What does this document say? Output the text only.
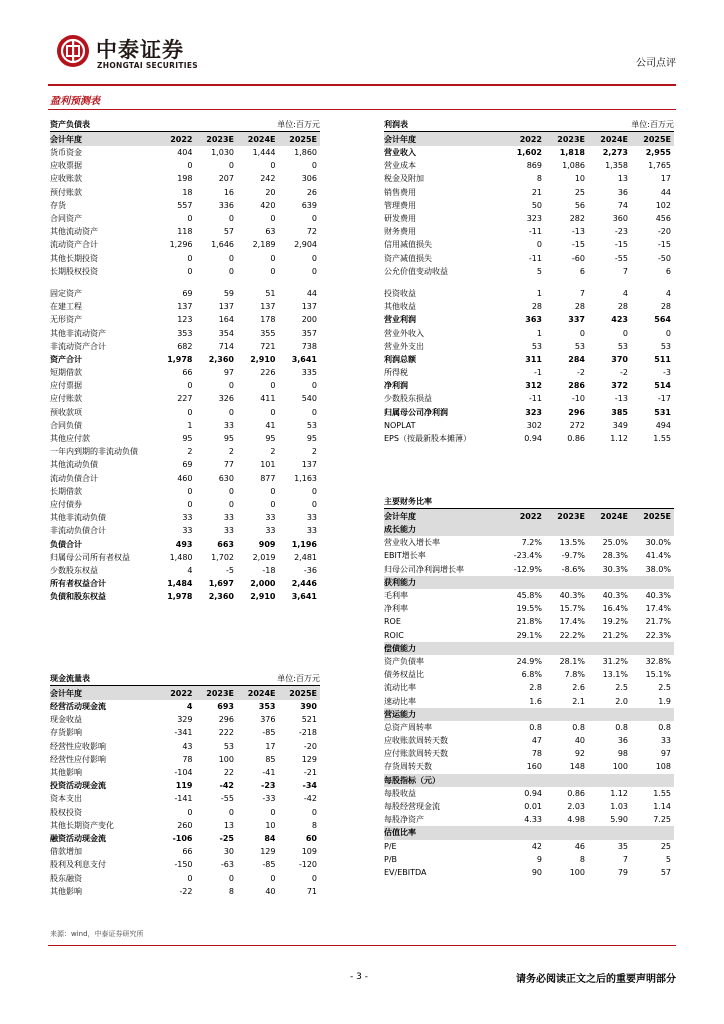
中泰证券
ZHONGTAI SECURITIES	公司点评
盈利预测表
资产负债表	单位:百万元
会计年度	2022	2023E	2024E	2025E
货币资金	404	1,030	1,444	1,860
应收票据	0	0	0	0
应收账款	198	207	242	306
预付账款	18	16	20	26
存货	557	336	420	639
合同资产	0	0	0	0
其他流动资产	118	57	63	72
流动资产合计	1,296	1,646	2,189	2,904
其他长期投资	0	0	0	0
长期股权投资	0	0	0	0

固定资产	69	59	51	44
在建工程	137	137	137	137
无形资产	123	164	178	200
其他非流动资产	353	354	355	357
非流动资产合计	682	714	721	738
资产合计	1,978	2,360	2,910	3,641
短期借款	66	97	226	335
应付票据	0	0	0	0
应付账款	227	326	411	540
预收款项	0	0	0	0
合同负债	1	33	41	53
其他应付款	95	95	95	95
一年内到期的非流动负债	2	2	2	2
其他流动负债	69	77	101	137
流动负债合计	460	630	877	1,163
长期借款	0	0	0	0
应付债券	0	0	0	0
其他非流动负债	33	33	33	33
非流动负债合计	33	33	33	33
负债合计	493	663	909	1,196
归属母公司所有者权益	1,480	1,702	2,019	2,481
少数股东权益	4	-5	-18	-36
所有者权益合计	1,484	1,697	2,000	2,446
负债和股东权益	1,978	2,360	2,910	3,641
利润表	单位:百万元
会计年度	2022	2023E	2024E	2025E
营业收入	1,602	1,818	2,273	2,955
营业成本	869	1,086	1,358	1,765
税金及附加	8	10	13	17
销售费用	21	25	36	44
管理费用	50	56	74	102
研发费用	323	282	360	456
财务费用	-11	-13	-23	-20
信用减值损失	0	-15	-15	-15
资产减值损失	-11	-60	-55	-50
公允价值变动收益	5	6	7	6

投资收益	1	7	4	4
其他收益	28	28	28	28
营业利润	363	337	423	564
营业外收入	1	0	0	0
营业外支出	53	53	53	53
利润总额	311	284	370	511
所得税	-1	-2	-2	-3
净利润	312	286	372	514
少数股东损益	-11	-10	-13	-17
归属母公司净利润	323	296	385	531
NOPLAT	302	272	349	494
EPS（按最新股本摊薄）	0.94	0.86	1.12	1.55
主要财务比率
会计年度	2022	2023E	2024E	2025E
成长能力				
营业收入增长率	7.2%	13.5%	25.0%	30.0%
EBIT增长率	-23.4%	-9.7%	28.3%	41.4%
归母公司净利润增长率	-12.9%	-8.6%	30.3%	38.0%
获利能力				
毛利率	45.8%	40.3%	40.3%	40.3%
净利率	19.5%	15.7%	16.4%	17.4%
ROE	21.8%	17.4%	19.2%	21.7%
ROIC	29.1%	22.2%	21.2%	22.3%
偿债能力				
资产负债率	24.9%	28.1%	31.2%	32.8%
债务权益比	6.8%	7.8%	13.1%	15.1%
流动比率	2.8	2.6	2.5	2.5
速动比率	1.6	2.1	2.0	1.9
营运能力				
总资产周转率	0.8	0.8	0.8	0.8
应收账款周转天数	47	40	36	33
应付账款周转天数	78	92	98	97
存货周转天数	160	148	100	108
每股指标（元）				
每股收益	0.94	0.86	1.12	1.55
每股经营现金流	0.01	2.03	1.03	1.14
每股净资产	4.33	4.98	5.90	7.25
估值比率				
P/E	42	46	35	25
P/B	9	8	7	5
EV/EBITDA	90	100	79	57
现金流量表	单位:百万元
会计年度	2022	2023E	2024E	2025E
经营活动现金流	4	693	353	390
现金收益	329	296	376	521
存货影响	-341	222	-85	-218
经营性应收影响	43	53	17	-20
经营性应付影响	78	100	85	129
其他影响	-104	22	-41	-21
投资活动现金流	119	-42	-23	-34
资本支出	-141	-55	-33	-42
股权投资	0	0	0	0
其他长期资产变化	260	13	10	8
融资活动现金流	-106	-25	84	60
借款增加	66	30	129	109
股利及利息支付	-150	-63	-85	-120
股东融资	0	0	0	0
其他影响	-22	8	40	71
来源：wind，中泰证券研究所
- 3 -	请务必阅读正文之后的重要声明部分
